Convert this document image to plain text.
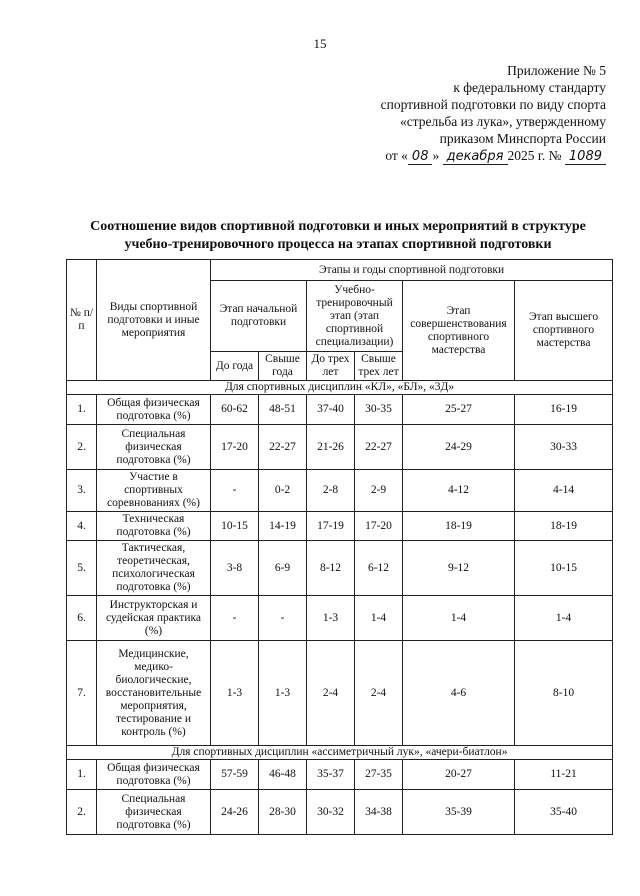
15
Приложение № 5
к федеральному стандарту
спортивной подготовки по виду спорта
«стрельба из лука», утвержденному
приказом Минспорта России
от « 08 » декабря 2025 г. № 1089
Соотношение видов спортивной подготовки и иных мероприятий в структуре
учебно-тренировочного процесса на этапах спортивной подготовки
№ п/п	Виды спортивной подготовки и иные мероприятия	Этапы и годы спортивной подготовки					
		Этап начальной подготовки		Учебно-тренировочный этап (этап спортивной специализации)		Этап совершенствования спортивного мастерства	Этап высшего спортивного мастерства
		До года	Свыше года	До трех лет	Свыше трех лет		
Для спортивных дисциплин «КЛ», «БЛ», «3Д»							
1.	Общая физическая подготовка (%)	60-62	48-51	37-40	30-35	25-27	16-19
2.	Специальная физическая подготовка (%)	17-20	22-27	21-26	22-27	24-29	30-33
3.	Участие в спортивных соревнованиях (%)	-	0-2	2-8	2-9	4-12	4-14
4.	Техническая подготовка (%)	10-15	14-19	17-19	17-20	18-19	18-19
5.	Тактическая, теоретическая, психологическая подготовка (%)	3-8	6-9	8-12	6-12	9-12	10-15
6.	Инструкторская и судейская практика (%)	-	-	1-3	1-4	1-4	1-4
7.	Медицинские, медико-биологические, восстановительные мероприятия, тестирование и контроль (%)	1-3	1-3	2-4	2-4	4-6	8-10
Для спортивных дисциплин «ассиметричный лук», «ачери-биатлон»							
1.	Общая физическая подготовка (%)	57-59	46-48	35-37	27-35	20-27	11-21
2.	Специальная физическая подготовка (%)	24-26	28-30	30-32	34-38	35-39	35-40
